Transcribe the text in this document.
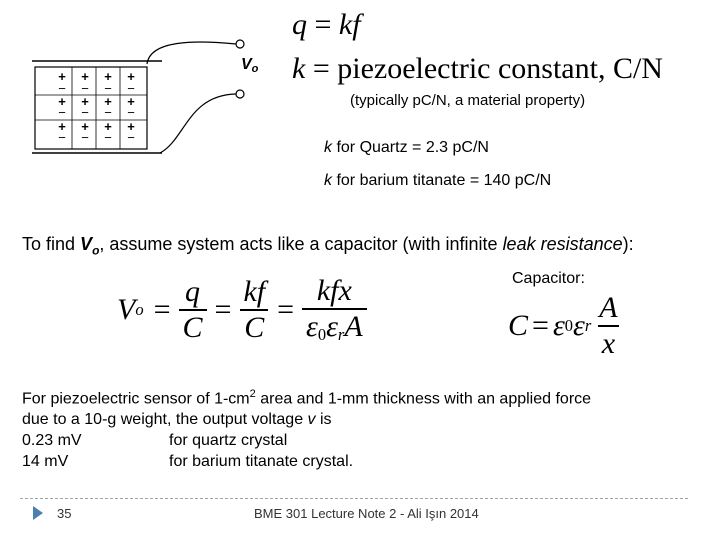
+
−
+
−
+
−
+
−
+
−
+
−
+
−
+
−
+
−
+
−
+
−
+
−
Vo
q = kf
k = piezoelectric constant, C/N
(typically pC/N, a material property)
k for Quartz = 2.3 pC/N
k for barium titanate = 140 pC/N
To find $V_o$, assume system acts like a capacitor (with infinite leak resistance):
Capacitor:
V $o = \frac{q}{C} = \frac{kf}{C} = \frac{\text{kfx}}{\varepsilon 0\varepsilon_rA}$	C = ε 0 ε r $\frac{A}{x}$
For piezoelectric sensor of $1-cm^2$ area and 1-mm thickness with an applied force
due to a 10-g weight, the output voltage v is
0.23 mV	for quartz crystal
14 mV	for barium titanate crystal.
35	BME 301 Lecture Note 2 - Ali Işın 2014
